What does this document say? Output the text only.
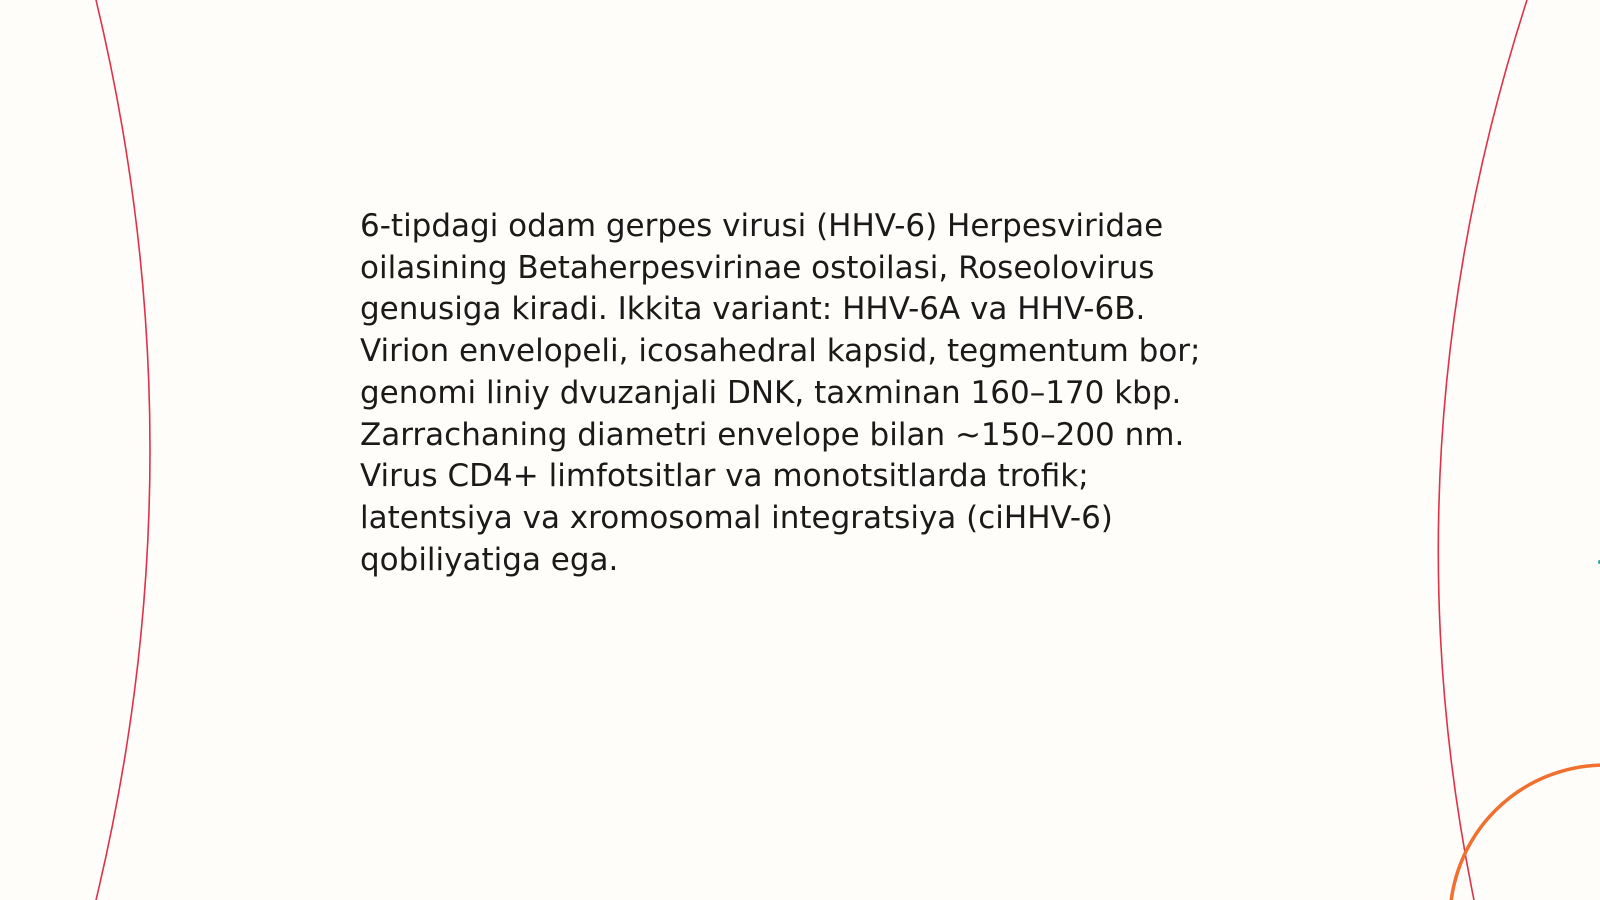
6-tipdagi odam gerpes virusi (HHV-6) Herpesviridae
oilasining Betaherpesvirinae ostoilasi, Roseolovirus
genusiga kiradi. Ikkita variant: HHV-6A va HHV-6B.
Virion envelopeli, icosahedral kapsid, tegmentum bor;
genomi liniy dvuzanjali DNK, taxminan 160–170 kbp.
Zarrachaning diametri envelope bilan ~150–200 nm.
Virus CD4+ limfotsitlar va monotsitlarda trofik;
latentsiya va xromosomal integratsiya (ciHHV-6)
qobiliyatiga ega.
